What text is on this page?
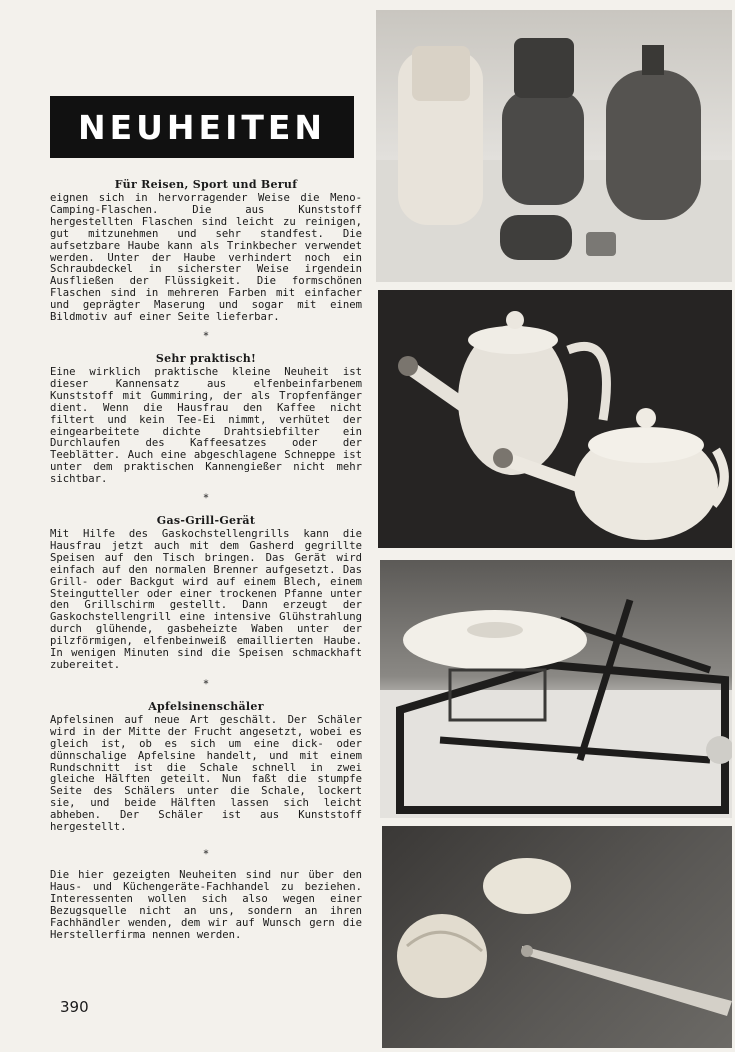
NEUHEITEN
Für Reisen, Sport und Beruf

eignen sich in hervorragender Weise die Meno-Camping-Flaschen. Die aus Kunststoff hergestellten Flaschen sind leicht zu reinigen, gut mitzunehmen und sehr standfest. Die aufsetzbare Haube kann als Trinkbecher verwendet werden. Unter der Haube verhindert noch ein Schraubdeckel in sicherster Weise irgendein Ausfließen der Flüssigkeit. Die formschönen Flaschen sind in mehreren Farben mit einfacher und geprägter Maserung und sogar mit einem Bildmotiv auf einer Seite lieferbar.

*
Sehr praktisch!

Eine wirklich praktische kleine Neuheit ist dieser Kannensatz aus elfenbeinfarbenem Kunststoff mit Gummiring, der als Tropfenfänger dient. Wenn die Hausfrau den Kaffee nicht filtert und kein Tee-Ei nimmt, verhütet der eingearbeitete dichte Drahtsiebfilter ein Durchlaufen des Kaffeesatzes oder der Teeblätter. Auch eine abgeschlagene Schneppe ist unter dem praktischen Kannengießer nicht mehr sichtbar.

*
Gas-Grill-Gerät

Mit Hilfe des Gaskochstellengrills kann die Hausfrau jetzt auch mit dem Gasherd gegrillte Speisen auf den Tisch bringen. Das Gerät wird einfach auf den normalen Brenner aufgesetzt. Das Grill- oder Backgut wird auf einem Blech, einem Steingutteller oder einer trockenen Pfanne unter den Grillschirm gestellt. Dann erzeugt der Gaskochstellengrill eine intensive Glühstrahlung durch glühende, gasbeheizte Waben unter der pilzförmigen, elfenbeinweiß emaillierten Haube. In wenigen Minuten sind die Speisen schmackhaft zubereitet.

*
Apfelsinenschäler

Apfelsinen auf neue Art geschält. Der Schäler wird in der Mitte der Frucht angesetzt, wobei es gleich ist, ob es sich um eine dick- oder dünnschalige Apfelsine handelt, und mit einem Rundschnitt ist die Schale schnell in zwei gleiche Hälften geteilt. Nun faßt die stumpfe Seite des Schälers unter die Schale, lockert sie, und beide Hälften lassen sich leicht abheben. Der Schäler ist aus Kunststoff hergestellt.

*

Die hier gezeigten Neuheiten sind nur über den Haus- und Küchengeräte-Fachhandel zu beziehen. Interessenten wollen sich also wegen einer Bezugsquelle nicht an uns, sondern an ihren Fachhändler wenden, dem wir auf Wunsch gern die Herstellerfirma nennen werden.

390
